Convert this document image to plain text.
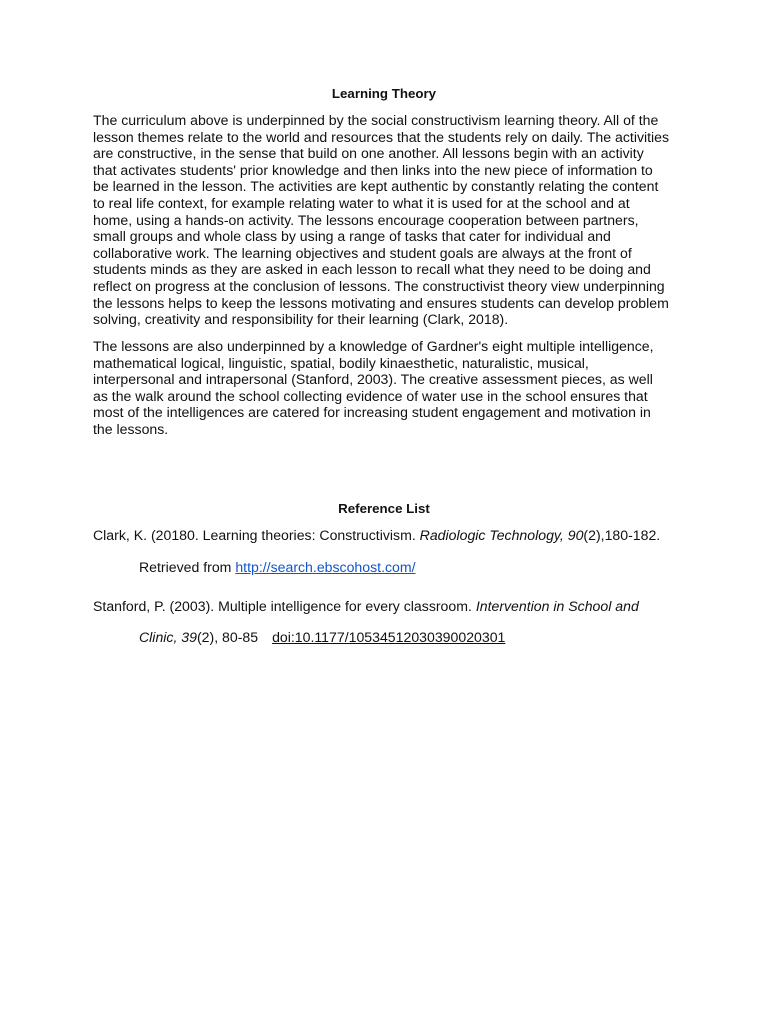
Learning Theory

The curriculum above is underpinned by the social constructivism learning theory. All of the
lesson themes relate to the world and resources that the students rely on daily. The activities
are constructive, in the sense that build on one another. All lessons begin with an activity
that activates students' prior knowledge and then links into the new piece of information to
be learned in the lesson. The activities are kept authentic by constantly relating the content
to real life context, for example relating water to what it is used for at the school and at
home, using a hands-on activity. The lessons encourage cooperation between partners,
small groups and whole class by using a range of tasks that cater for individual and
collaborative work. The learning objectives and student goals are always at the front of
students minds as they are asked in each lesson to recall what they need to be doing and
reflect on progress at the conclusion of lessons. The constructivist theory view underpinning
the lessons helps to keep the lessons motivating and ensures students can develop problem
solving, creativity and responsibility for their learning (Clark, 2018).

The lessons are also underpinned by a knowledge of Gardner's eight multiple intelligence,
mathematical logical, linguistic, spatial, bodily kinaesthetic, naturalistic, musical,
interpersonal and intrapersonal (Stanford, 2003). The creative assessment pieces, as well
as the walk around the school collecting evidence of water use in the school ensures that
most of the intelligences are catered for increasing student engagement and motivation in
the lessons.

Reference List

Clark, K. (20180. Learning theories: Constructivism. Radiologic Technology, 90(2),180-182.

Retrieved from http://search.ebscohost.com/

Stanford, P. (2003). Multiple intelligence for every classroom. Intervention in School and

Clinic, 39(2), 80-85 doi:10.1177/10534512030390020301
